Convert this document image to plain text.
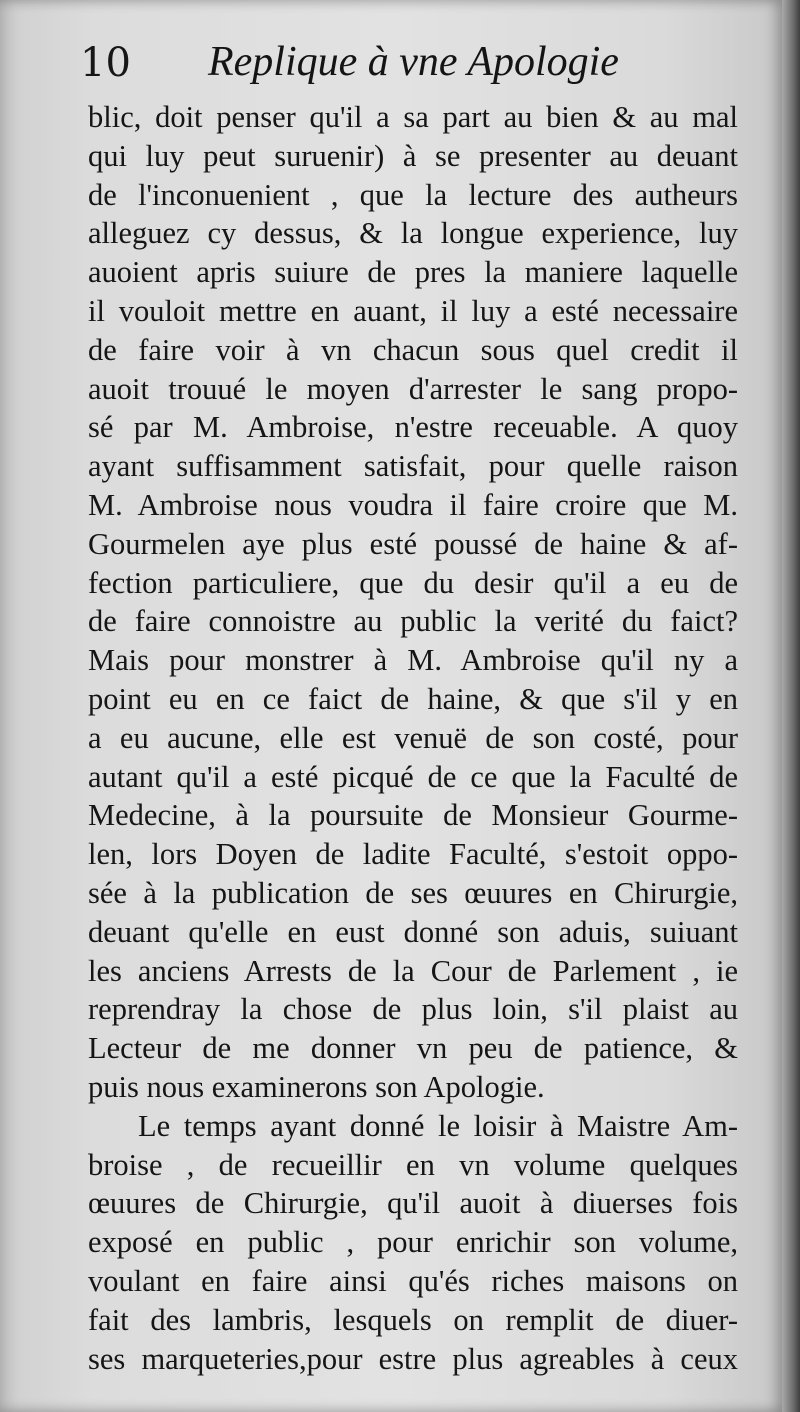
10 Replique à vne Apologie
blic, doit penser qu'il a sa part au bien & au mal
qui luy peut suruenir) à se presenter au deuant
de l'inconuenient , que la lecture des autheurs
alleguez cy dessus, & la longue experience, luy
auoient apris suiure de pres la maniere laquelle
il vouloit mettre en auant, il luy a esté necessaire
de faire voir à vn chacun sous quel credit il
auoit trouué le moyen d'arrester le sang propo-
sé par M. Ambroise, n'estre receuable. A quoy
ayant suffisamment satisfait, pour quelle raison
M. Ambroise nous voudra il faire croire que M.
Gourmelen aye plus esté poussé de haine & af-
fection particuliere, que du desir qu'il a eu de
de faire connoistre au public la verité du faict?
Mais pour monstrer à M. Ambroise qu'il ny a
point eu en ce faict de haine, & que s'il y en
a eu aucune, elle est venuë de son costé, pour
autant qu'il a esté picqué de ce que la Faculté de
Medecine, à la poursuite de Monsieur Gourme-
len, lors Doyen de ladite Faculté, s'estoit oppo-
sée à la publication de ses œuures en Chirurgie,
deuant qu'elle en eust donné son aduis, suiuant
les anciens Arrests de la Cour de Parlement , ie
reprendray la chose de plus loin, s'il plaist au
Lecteur de me donner vn peu de patience, &
puis nous examinerons son Apologie.
Le temps ayant donné le loisir à Maistre Am-
broise , de recueillir en vn volume quelques
œuures de Chirurgie, qu'il auoit à diuerses fois
exposé en public , pour enrichir son volume,
voulant en faire ainsi qu'és riches maisons on
fait des lambris, lesquels on remplit de diuer-
ses marqueteries,pour estre plus agreables à ceux
